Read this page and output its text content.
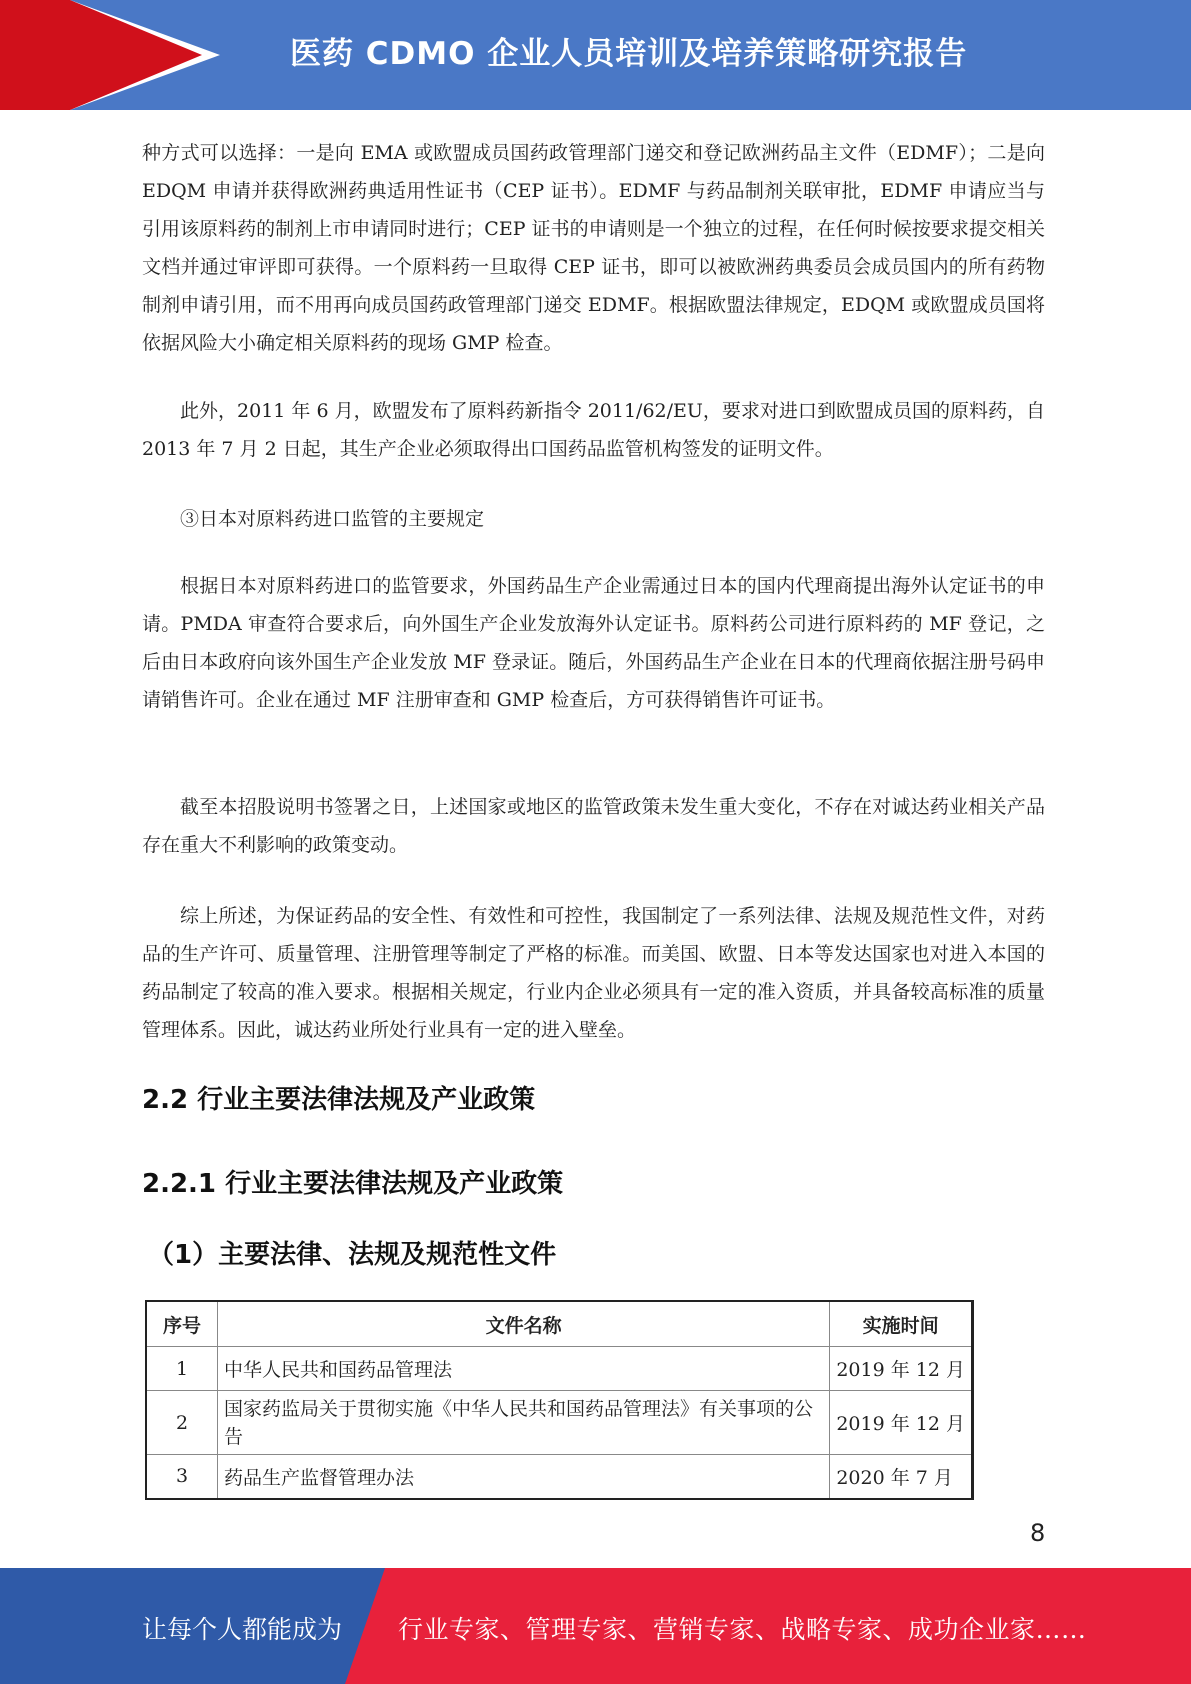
医药 CDMO 企业人员培训及培养策略研究报告

种方式可以选择：一是向 EMA 或欧盟成员国药政管理部门递交和登记欧洲药品主文件（EDMF）；二是向 EDQM 申请并获得欧洲药典适用性证书（CEP 证书）。EDMF 与药品制剂关联审批，EDMF 申请应当与引用该原料药的制剂上市申请同时进行；CEP 证书的申请则是一个独立的过程，在任何时候按要求提交相关文档并通过审评即可获得。一个原料药一旦取得 CEP 证书，即可以被欧洲药典委员会成员国内的所有药物制剂申请引用，而不用再向成员国药政管理部门递交 EDMF。根据欧盟法律规定，EDQM 或欧盟成员国将依据风险大小确定相关原料药的现场 GMP 检查。

此外，2011 年 6 月，欧盟发布了原料药新指令 2011/62/EU，要求对进口到欧盟成员国的原料药，自 2013 年 7 月 2 日起，其生产企业必须取得出口国药品监管机构签发的证明文件。

③日本对原料药进口监管的主要规定

根据日本对原料药进口的监管要求，外国药品生产企业需通过日本的国内代理商提出海外认定证书的申请。PMDA 审查符合要求后，向外国生产企业发放海外认定证书。原料药公司进行原料药的 MF 登记，之后由日本政府向该外国生产企业发放 MF 登录证。随后，外国药品生产企业在日本的代理商依据注册号码申请销售许可。企业在通过 MF 注册审查和 GMP 检查后，方可获得销售许可证书。

截至本招股说明书签署之日，上述国家或地区的监管政策未发生重大变化，不存在对诚达药业相关产品存在重大不利影响的政策变动。

综上所述，为保证药品的安全性、有效性和可控性，我国制定了一系列法律、法规及规范性文件，对药品的生产许可、质量管理、注册管理等制定了严格的标准。而美国、欧盟、日本等发达国家也对进入本国的药品制定了较高的准入要求。根据相关规定，行业内企业必须具有一定的准入资质，并具备较高标准的质量管理体系。因此，诚达药业所处行业具有一定的进入壁垒。

2.2 行业主要法律法规及产业政策
2.2.1 行业主要法律法规及产业政策
（1）主要法律、法规及规范性文件
序号	文件名称	实施时间
1	中华人民共和国药品管理法	2019 年 12 月
2	国家药监局关于贯彻实施《中华人民共和国药品管理法》有关事项的公告	2019 年 12 月
3	药品生产监督管理办法	2020 年 7 月
8
让每个人都能成为 行业专家、管理专家、营销专家、战略专家、成功企业家……
